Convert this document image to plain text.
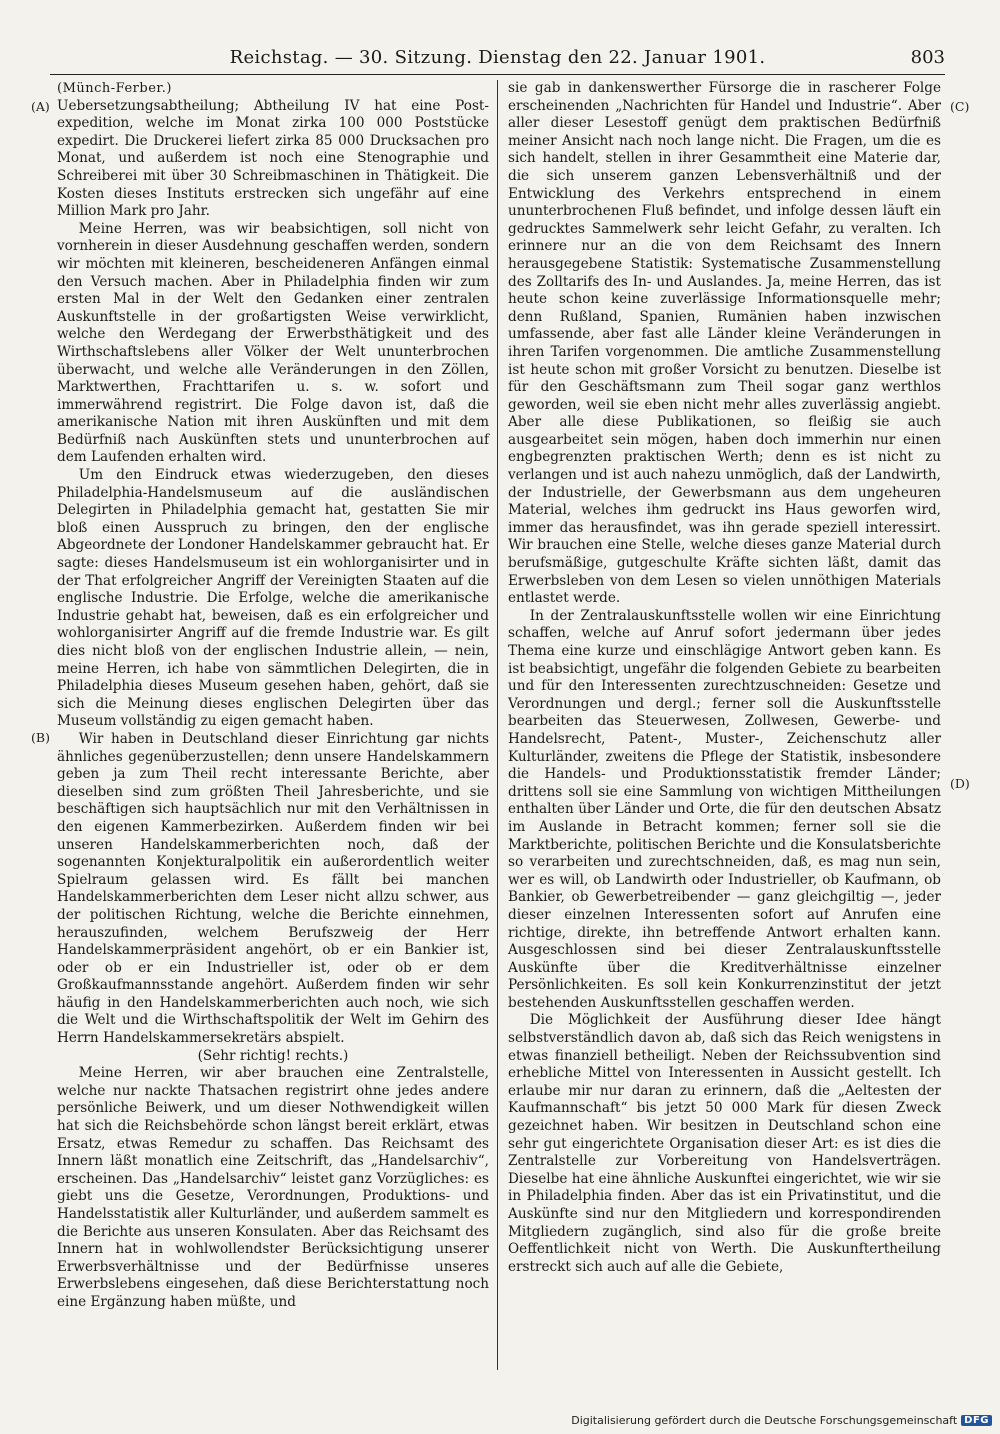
Reichstag. — 30. Sitzung. Dienstag den 22. Januar 1901.	803
(A)
(B)
(C)
(D)

(Münch-Ferber.)

Uebersetzungsabtheilung; Abtheilung IV hat eine Post-expedition, welche im Monat zirka 100 000 Poststücke expedirt. Die Druckerei liefert zirka 85 000 Drucksachen pro Monat, und außerdem ist noch eine Stenographie und Schreiberei mit über 30 Schreibmaschinen in Thätigkeit. Die Kosten dieses Instituts erstrecken sich ungefähr auf eine Million Mark pro Jahr.

Meine Herren, was wir beabsichtigen, soll nicht von vornherein in dieser Ausdehnung geschaffen werden, sondern wir möchten mit kleineren, bescheideneren Anfängen einmal den Versuch machen. Aber in Philadelphia finden wir zum ersten Mal in der Welt den Gedanken einer zentralen Auskunftstelle in der großartigsten Weise verwirklicht, welche den Werdegang der Erwerbsthätigkeit und des Wirthschaftslebens aller Völker der Welt ununterbrochen überwacht, und welche alle Veränderungen in den Zöllen, Marktwerthen, Frachttarifen u. s. w. sofort und immerwährend registrirt. Die Folge davon ist, daß die amerikanische Nation mit ihren Auskünften und mit dem Bedürfniß nach Auskünften stets und ununterbrochen auf dem Laufenden erhalten wird.

Um den Eindruck etwas wiederzugeben, den dieses Philadelphia-Handelsmuseum auf die ausländischen Delegirten in Philadelphia gemacht hat, gestatten Sie mir bloß einen Ausspruch zu bringen, den der englische Abgeordnete der Londoner Handelskammer gebraucht hat. Er sagte: dieses Handelsmuseum ist ein wohlorganisirter und in der That erfolgreicher Angriff der Vereinigten Staaten auf die englische Industrie. Die Erfolge, welche die amerikanische Industrie gehabt hat, beweisen, daß es ein erfolgreicher und wohlorganisirter Angriff auf die fremde Industrie war. Es gilt dies nicht bloß von der englischen Industrie allein, — nein, meine Herren, ich habe von sämmtlichen Delegirten, die in Philadelphia dieses Museum gesehen haben, gehört, daß sie sich die Meinung dieses englischen Delegirten über das Museum vollständig zu eigen gemacht haben.

Wir haben in Deutschland dieser Einrichtung gar nichts ähnliches gegenüberzustellen; denn unsere Handelskammern geben ja zum Theil recht interessante Berichte, aber dieselben sind zum größten Theil Jahresberichte, und sie beschäftigen sich hauptsächlich nur mit den Verhältnissen in den eigenen Kammerbezirken. Außerdem finden wir bei unseren Handelskammerberichten noch, daß der sogenannten Konjekturalpolitik ein außerordentlich weiter Spielraum gelassen wird. Es fällt bei manchen Handelskammerberichten dem Leser nicht allzu schwer, aus der politischen Richtung, welche die Berichte einnehmen, herauszufinden, welchem Berufszweig der Herr Handelskammerpräsident angehört, ob er ein Bankier ist, oder ob er ein Industrieller ist, oder ob er dem Großkaufmannsstande angehört. Außerdem finden wir sehr häufig in den Handelskammerberichten auch noch, wie sich die Welt und die Wirthschaftspolitik der Welt im Gehirn des Herrn Handelskammersekretärs abspielt.

(Sehr richtig! rechts.)

Meine Herren, wir aber brauchen eine Zentralstelle, welche nur nackte Thatsachen registrirt ohne jedes andere persönliche Beiwerk, und um dieser Nothwendigkeit willen hat sich die Reichsbehörde schon längst bereit erklärt, etwas Ersatz, etwas Remedur zu schaffen. Das Reichsamt des Innern läßt monatlich eine Zeitschrift, das „Handelsarchiv“, erscheinen. Das „Handelsarchiv“ leistet ganz Vorzügliches: es giebt uns die Gesetze, Verordnungen, Produktions- und Handelsstatistik aller Kulturländer, und außerdem sammelt es die Berichte aus unseren Konsulaten. Aber das Reichsamt des Innern hat in wohlwollendster Berücksichtigung unserer Erwerbsverhältnisse und der Bedürfnisse unseres Erwerbslebens eingesehen, daß diese Berichterstattung noch eine Ergänzung haben müßte, und

sie gab in dankenswerther Fürsorge die in rascherer Folge erscheinenden „Nachrichten für Handel und Industrie“. Aber aller dieser Lesestoff genügt dem praktischen Bedürfniß meiner Ansicht nach noch lange nicht. Die Fragen, um die es sich handelt, stellen in ihrer Gesammtheit eine Materie dar, die sich unserem ganzen Lebensverhältniß und der Entwicklung des Verkehrs entsprechend in einem ununterbrochenen Fluß befindet, und infolge dessen läuft ein gedrucktes Sammelwerk sehr leicht Gefahr, zu veralten. Ich erinnere nur an die von dem Reichsamt des Innern herausgegebene Statistik: Systematische Zusammenstellung des Zolltarifs des In- und Auslandes. Ja, meine Herren, das ist heute schon keine zuverlässige Informationsquelle mehr; denn Rußland, Spanien, Rumänien haben inzwischen umfassende, aber fast alle Länder kleine Veränderungen in ihren Tarifen vorgenommen. Die amtliche Zusammenstellung ist heute schon mit großer Vorsicht zu benutzen. Dieselbe ist für den Geschäftsmann zum Theil sogar ganz werthlos geworden, weil sie eben nicht mehr alles zuverlässig angiebt. Aber alle diese Publikationen, so fleißig sie auch ausgearbeitet sein mögen, haben doch immerhin nur einen engbegrenzten praktischen Werth; denn es ist nicht zu verlangen und ist auch nahezu unmöglich, daß der Landwirth, der Industrielle, der Gewerbsmann aus dem ungeheuren Material, welches ihm gedruckt ins Haus geworfen wird, immer das herausfindet, was ihn gerade speziell interessirt. Wir brauchen eine Stelle, welche dieses ganze Material durch berufsmäßige, gutgeschulte Kräfte sichten läßt, damit das Erwerbsleben von dem Lesen so vielen unnöthigen Materials entlastet werde.

In der Zentralauskunftsstelle wollen wir eine Einrichtung schaffen, welche auf Anruf sofort jedermann über jedes Thema eine kurze und einschlägige Antwort geben kann. Es ist beabsichtigt, ungefähr die folgenden Gebiete zu bearbeiten und für den Interessenten zurechtzuschneiden: Gesetze und Verordnungen und dergl.; ferner soll die Auskunftsstelle bearbeiten das Steuerwesen, Zollwesen, Gewerbe- und Handelsrecht, Patent-, Muster-, Zeichenschutz aller Kulturländer, zweitens die Pflege der Statistik, insbesondere die Handels- und Produktionsstatistik fremder Länder; drittens soll sie eine Sammlung von wichtigen Mittheilungen enthalten über Länder und Orte, die für den deutschen Absatz im Auslande in Betracht kommen; ferner soll sie die Marktberichte, politischen Berichte und die Konsulatsberichte so verarbeiten und zurechtschneiden, daß, es mag nun sein, wer es will, ob Landwirth oder Industrieller, ob Kaufmann, ob Bankier, ob Gewerbetreibender — ganz gleichgiltig —, jeder dieser einzelnen Interessenten sofort auf Anrufen eine richtige, direkte, ihn betreffende Antwort erhalten kann. Ausgeschlossen sind bei dieser Zentralauskunftsstelle Auskünfte über die Kreditverhältnisse einzelner Persönlichkeiten. Es soll kein Konkurrenzinstitut der jetzt bestehenden Auskunftsstellen geschaffen werden.

Die Möglichkeit der Ausführung dieser Idee hängt selbstverständlich davon ab, daß sich das Reich wenigstens in etwas finanziell betheiligt. Neben der Reichssubvention sind erhebliche Mittel von Interessenten in Aussicht gestellt. Ich erlaube mir nur daran zu erinnern, daß die „Aeltesten der Kaufmannschaft“ bis jetzt 50 000 Mark für diesen Zweck gezeichnet haben. Wir besitzen in Deutschland schon eine sehr gut eingerichtete Organisation dieser Art: es ist dies die Zentralstelle zur Vorbereitung von Handelsverträgen. Dieselbe hat eine ähnliche Auskunftei eingerichtet, wie wir sie in Philadelphia finden. Aber das ist ein Privatinstitut, und die Auskünfte sind nur den Mitgliedern und korrespondirenden Mitgliedern zugänglich, sind also für die große breite Oeffentlichkeit nicht von Werth. Die Auskunftertheilung erstreckt sich auch auf alle die Gebiete,

Digitalisierung gefördert durch die Deutsche Forschungsgemeinschaft DFG
